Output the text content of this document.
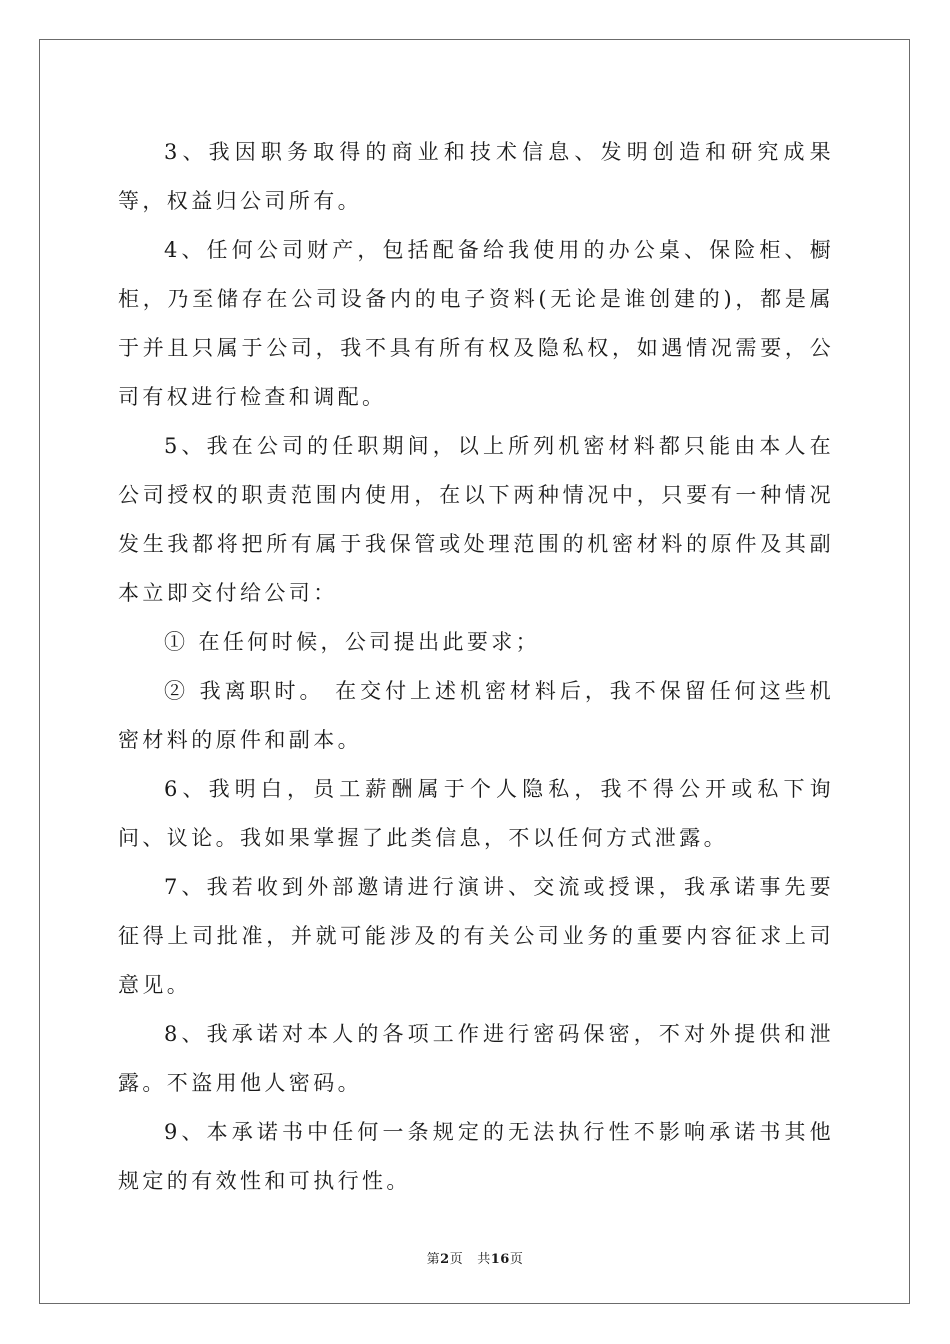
3、我因职务取得的商业和技术信息、发明创造和研究成果等，权益归公司所有。

4、任何公司财产，包括配备给我使用的办公桌、保险柜、橱柜，乃至储存在公司设备内的电子资料(无论是谁创建的)，都是属于并且只属于公司，我不具有所有权及隐私权，如遇情况需要，公司有权进行检查和调配。

5、我在公司的任职期间，以上所列机密材料都只能由本人在公司授权的职责范围内使用，在以下两种情况中，只要有一种情况发生我都将把所有属于我保管或处理范围的机密材料的原件及其副本立即交付给公司：

① 在任何时候，公司提出此要求；

② 我离职时。 在交付上述机密材料后，我不保留任何这些机密材料的原件和副本。

6、我明白，员工薪酬属于个人隐私，我不得公开或私下询问、议论。我如果掌握了此类信息，不以任何方式泄露。

7、我若收到外部邀请进行演讲、交流或授课，我承诺事先要征得上司批准，并就可能涉及的有关公司业务的重要内容征求上司意见。

8、我承诺对本人的各项工作进行密码保密，不对外提供和泄露。不盗用他人密码。

9、本承诺书中任何一条规定的无法执行性不影响承诺书其他规定的有效性和可执行性。

第2页 共16页
